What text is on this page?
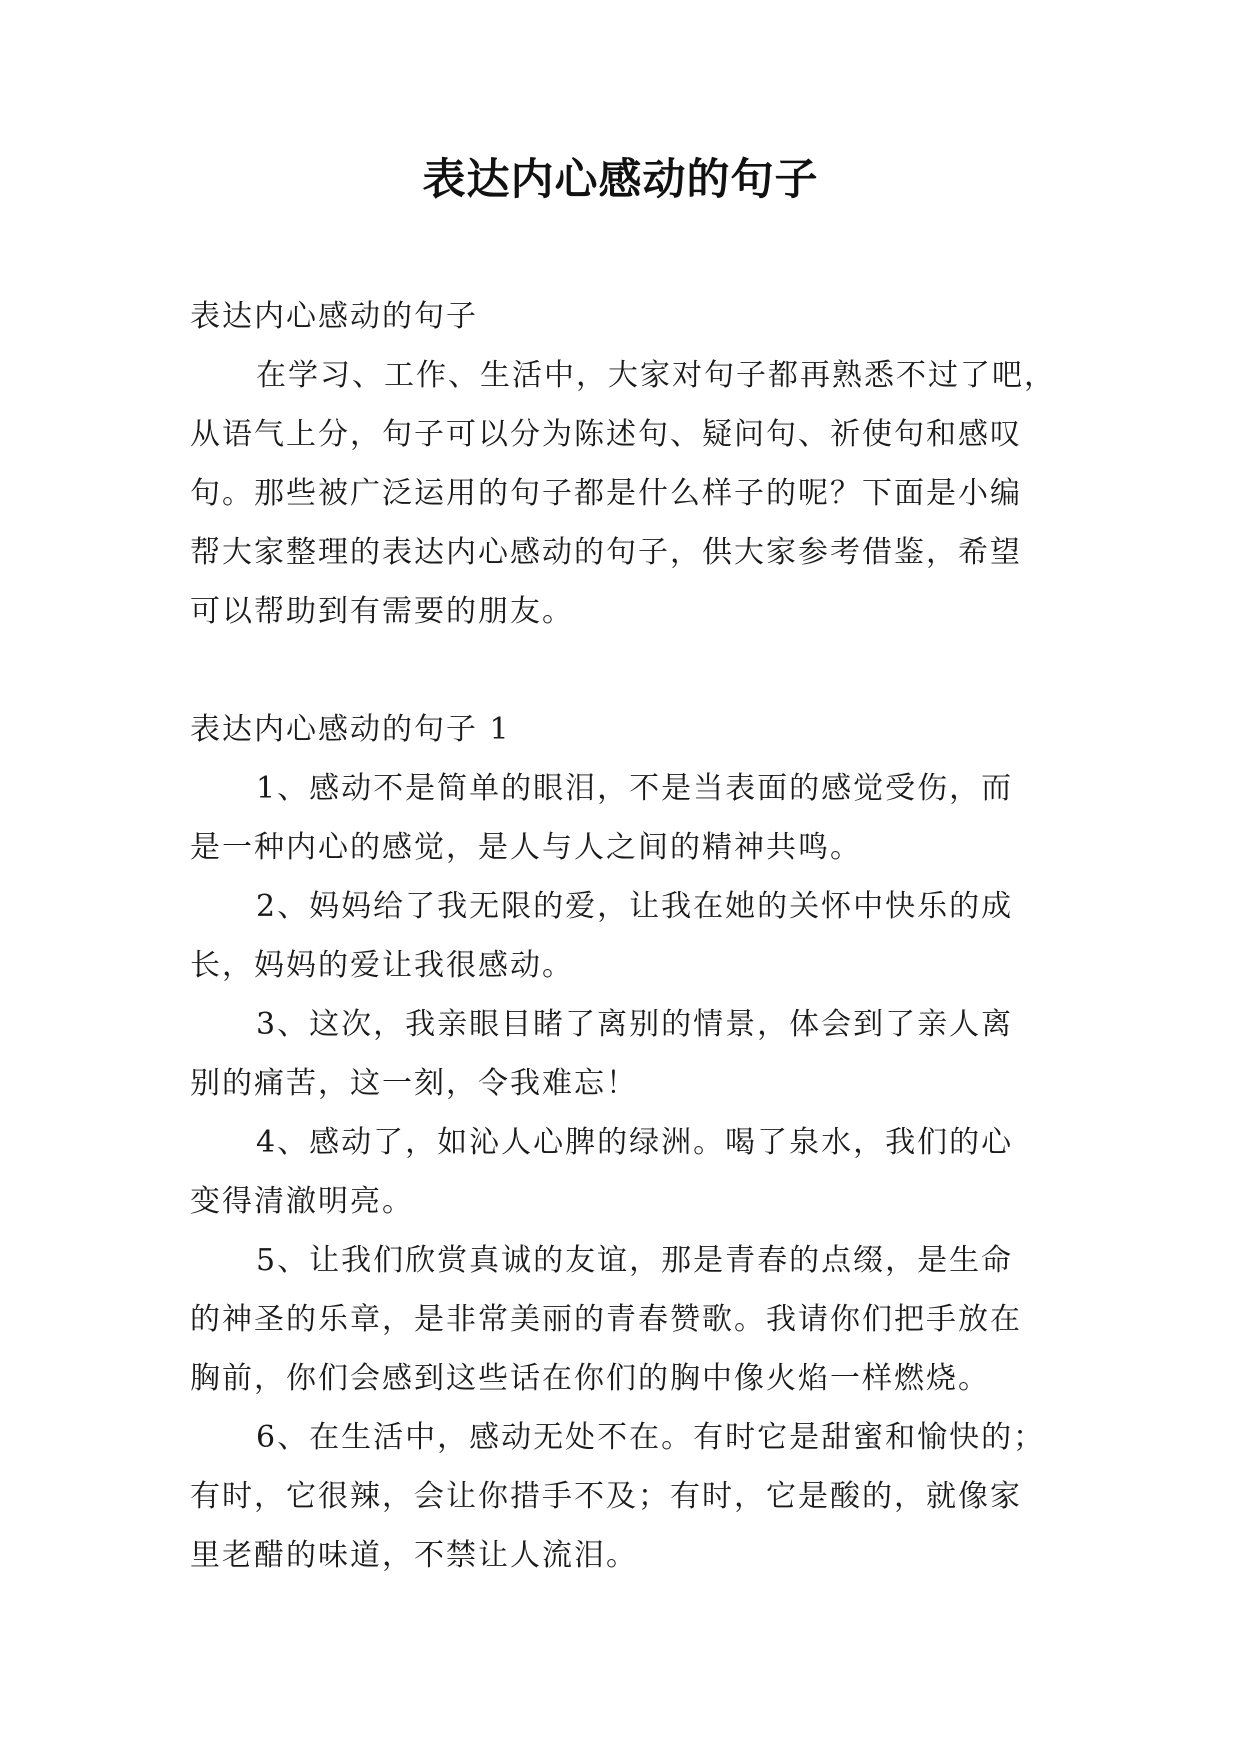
表达内心感动的句子
表达内心感动的句子
在学习、工作、生活中，大家对句子都再熟悉不过了吧，
从语气上分，句子可以分为陈述句、疑问句、祈使句和感叹
句。那些被广泛运用的句子都是什么样子的呢？下面是小编
帮大家整理的表达内心感动的句子，供大家参考借鉴，希望
可以帮助到有需要的朋友。
表达内心感动的句子 1
1、感动不是简单的眼泪，不是当表面的感觉受伤，而
是一种内心的感觉，是人与人之间的精神共鸣。
2、妈妈给了我无限的爱，让我在她的关怀中快乐的成
长，妈妈的爱让我很感动。
3、这次，我亲眼目睹了离别的情景，体会到了亲人离
别的痛苦，这一刻，令我难忘！
4、感动了，如沁人心脾的绿洲。喝了泉水，我们的心
变得清澈明亮。
5、让我们欣赏真诚的友谊，那是青春的点缀，是生命
的神圣的乐章，是非常美丽的青春赞歌。我请你们把手放在
胸前，你们会感到这些话在你们的胸中像火焰一样燃烧。
6、在生活中，感动无处不在。有时它是甜蜜和愉快的；
有时，它很辣，会让你措手不及；有时，它是酸的，就像家
里老醋的味道，不禁让人流泪。
